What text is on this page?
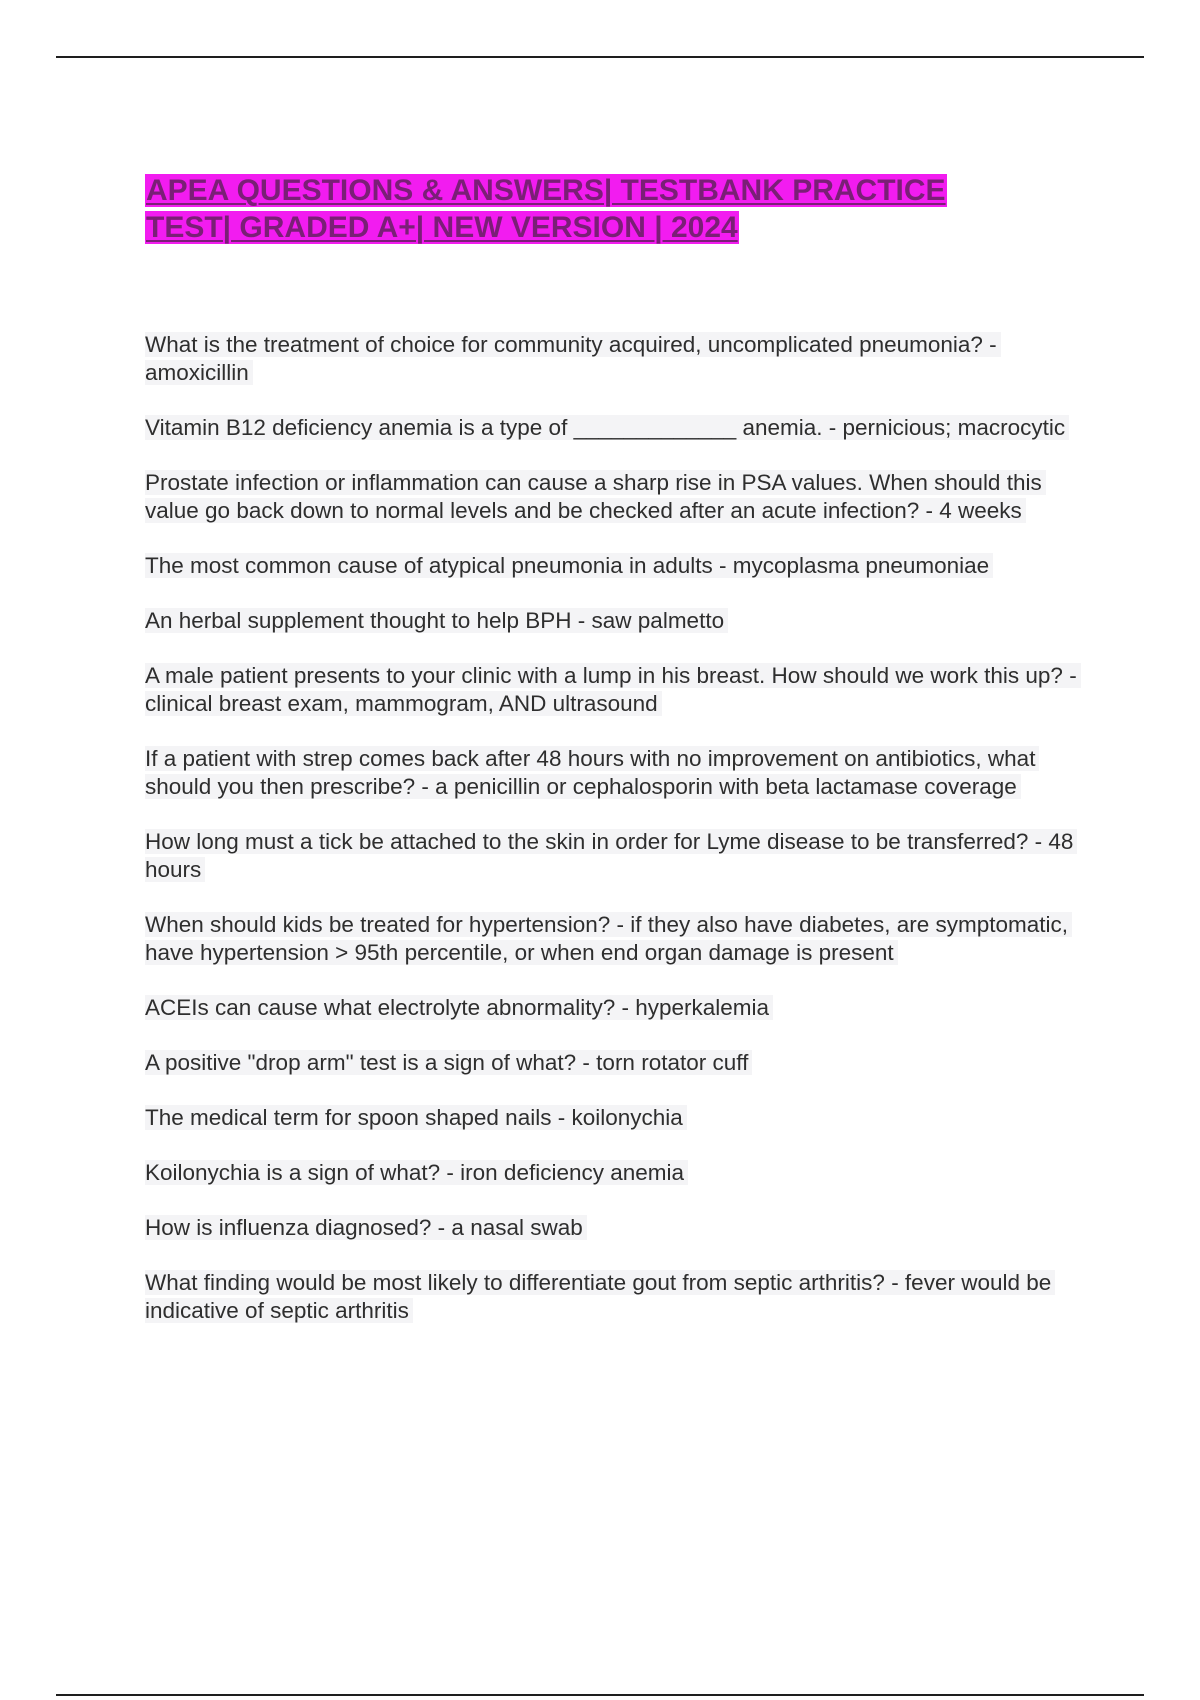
APEA QUESTIONS & ANSWERS| TESTBANK PRACTICE
TEST| GRADED A+| NEW VERSION | 2024
What is the treatment of choice for community acquired, uncomplicated pneumonia? - amoxicillin
Vitamin B12 deficiency anemia is a type of _____________ anemia. - pernicious; macrocytic
Prostate infection or inflammation can cause a sharp rise in PSA values. When should this value go back down to normal levels and be checked after an acute infection? - 4 weeks
The most common cause of atypical pneumonia in adults - mycoplasma pneumoniae
An herbal supplement thought to help BPH - saw palmetto
A male patient presents to your clinic with a lump in his breast. How should we work this up? - clinical breast exam, mammogram, AND ultrasound
If a patient with strep comes back after 48 hours with no improvement on antibiotics, what should you then prescribe? - a penicillin or cephalosporin with beta lactamase coverage
How long must a tick be attached to the skin in order for Lyme disease to be transferred? - 48 hours
When should kids be treated for hypertension? - if they also have diabetes, are symptomatic, have hypertension > 95th percentile, or when end organ damage is present
ACEIs can cause what electrolyte abnormality? - hyperkalemia
A positive "drop arm" test is a sign of what? - torn rotator cuff
The medical term for spoon shaped nails - koilonychia
Koilonychia is a sign of what? - iron deficiency anemia
How is influenza diagnosed? - a nasal swab
What finding would be most likely to differentiate gout from septic arthritis? - fever would be indicative of septic arthritis
